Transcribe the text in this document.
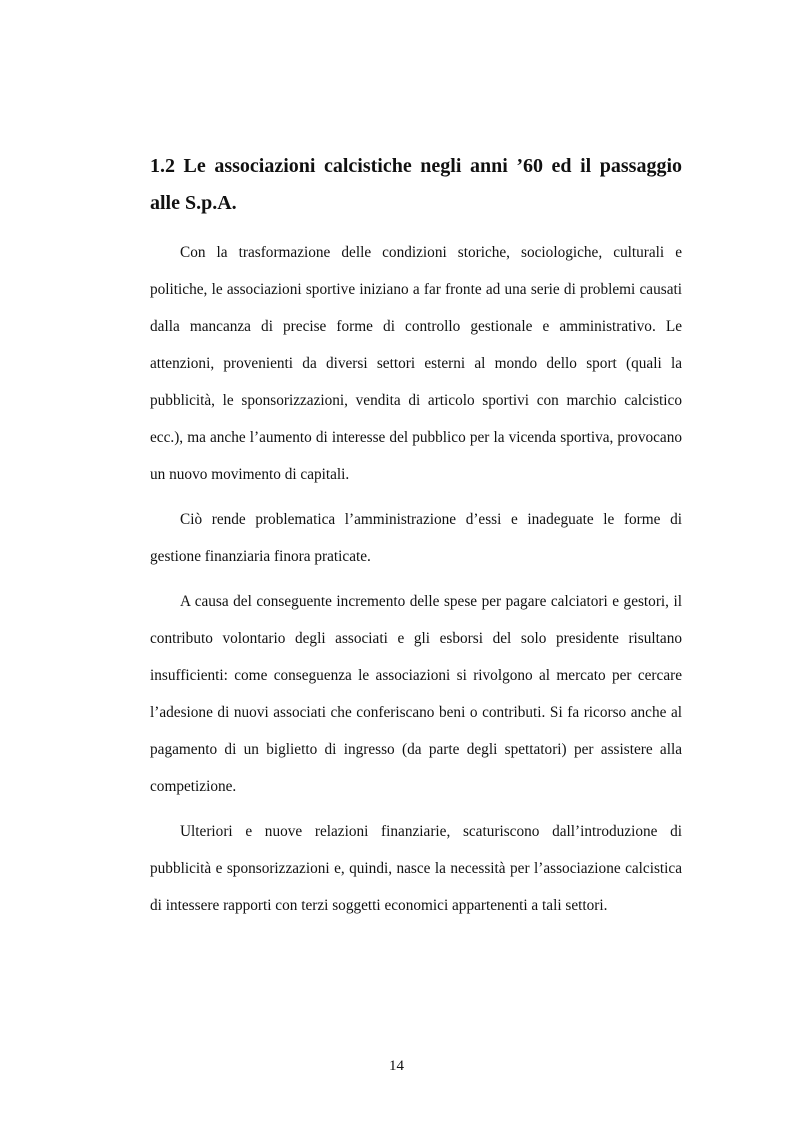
1.2 Le associazioni calcistiche negli anni ’60 ed il passaggio alle S.p.A.

Con la trasformazione delle condizioni storiche, sociologiche, culturali e politiche, le associazioni sportive iniziano a far fronte ad una serie di problemi causati dalla mancanza di precise forme di controllo gestionale e amministrativo. Le attenzioni, provenienti da diversi settori esterni al mondo dello sport (quali la pubblicità, le sponsorizzazioni, vendita di articolo sportivi con marchio calcistico ecc.), ma anche l’aumento di interesse del pubblico per la vicenda sportiva, provocano un nuovo movimento di capitali.

Ciò rende problematica l’amministrazione d’essi e inadeguate le forme di gestione finanziaria finora praticate.

A causa del conseguente incremento delle spese per pagare calciatori e gestori, il contributo volontario degli associati e gli esborsi del solo presidente risultano insufficienti: come conseguenza le associazioni si rivolgono al mercato per cercare l’adesione di nuovi associati che conferiscano beni o contributi. Si fa ricorso anche al pagamento di un biglietto di ingresso (da parte degli spettatori) per assistere alla competizione.

Ulteriori e nuove relazioni finanziarie, scaturiscono dall’introduzione di pubblicità e sponsorizzazioni e, quindi, nasce la necessità per l’associazione calcistica di intessere rapporti con terzi soggetti economici appartenenti a tali settori.

14
